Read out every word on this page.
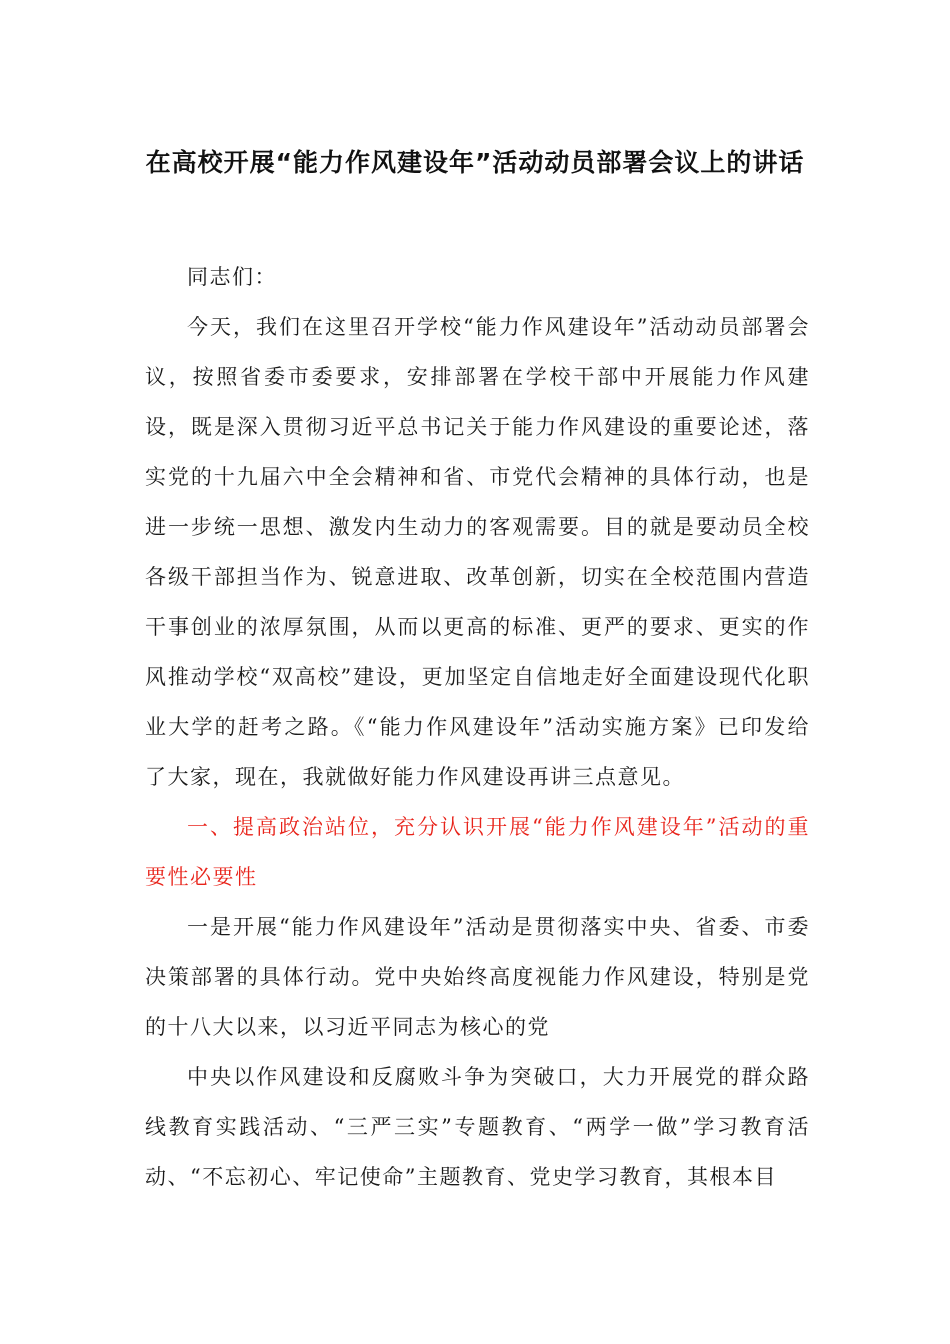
在高校开展“能力作风建设年”活动动员部署会议上的讲话

同志们：

今天，我们在这里召开学校“能力作风建设年”活动动员部署会议，按照省委市委要求，安排部署在学校干部中开展能力作风建设，既是深入贯彻习近平总书记关于能力作风建设的重要论述，落实党的十九届六中全会精神和省、市党代会精神的具体行动，也是进一步统一思想、激发内生动力的客观需要。目的就是要动员全校各级干部担当作为、锐意进取、改革创新，切实在全校范围内营造干事创业的浓厚氛围，从而以更高的标准、更严的要求、更实的作风推动学校“双高校”建设，更加坚定自信地走好全面建设现代化职业大学的赶考之路。《“能力作风建设年”活动实施方案》已印发给了大家，现在，我就做好能力作风建设再讲三点意见。

一、提高政治站位，充分认识开展“能力作风建设年”活动的重要性必要性

一是开展“能力作风建设年”活动是贯彻落实中央、省委、市委决策部署的具体行动。党中央始终高度视能力作风建设，特别是党的十八大以来，以习近平同志为核心的党

中央以作风建设和反腐败斗争为突破口，大力开展党的群众路线教育实践活动、“三严三实”专题教育、“两学一做”学习教育活动、“不忘初心、牢记使命”主题教育、党史学习教育，其根本目
